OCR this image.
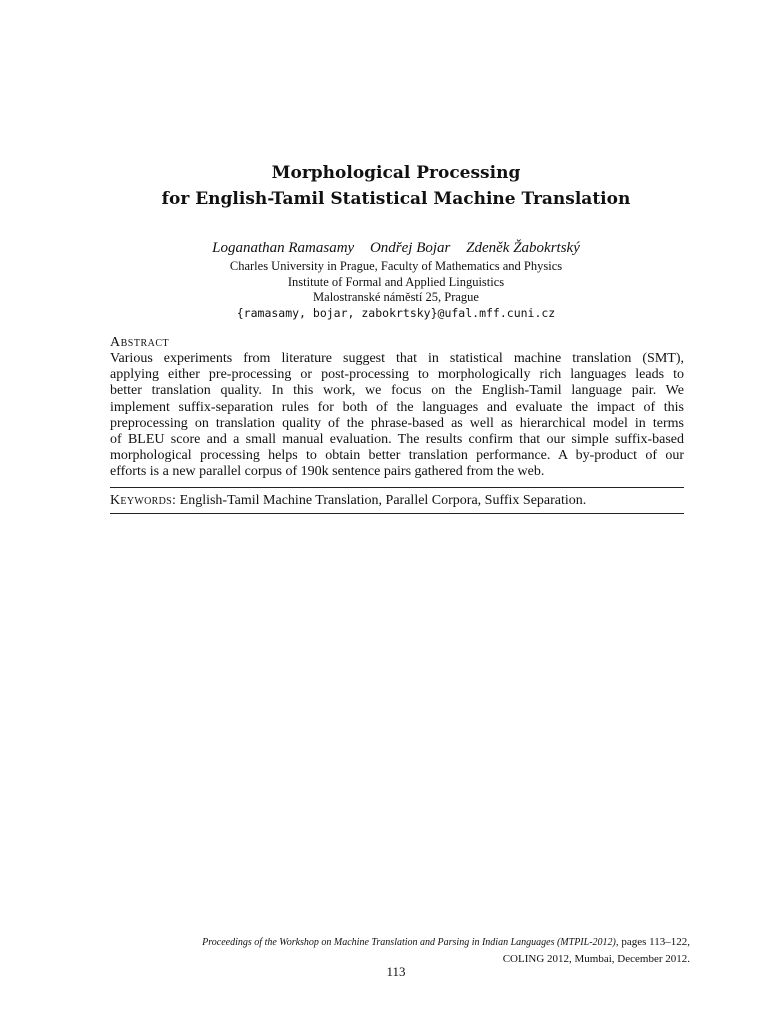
Morphological Processing
for English-Tamil Statistical Machine Translation
Loganathan Ramasamy Ondřej Bojar Zdeněk Žabokrtský
Charles University in Prague, Faculty of Mathematics and Physics
Institute of Formal and Applied Linguistics
Malostranské náměstí 25, Prague
{ramasamy, bojar, zabokrtsky}@ufal.mff.cuni.cz
Abstract

Various experiments from literature suggest that in statistical machine translation (SMT),

applying either pre-processing or post-processing to morphologically rich languages leads to

better translation quality. In this work, we focus on the English-Tamil language pair. We

implement suffix-separation rules for both of the languages and evaluate the impact of this

preprocessing on translation quality of the phrase-based as well as hierarchical model in terms

of BLEU score and a small manual evaluation. The results confirm that our simple suffix-based

morphological processing helps to obtain better translation performance. A by-product of our

efforts is a new parallel corpus of 190k sentence pairs gathered from the web.

Keywords: English-Tamil Machine Translation, Parallel Corpora, Suffix Separation.
Proceedings of the Workshop on Machine Translation and Parsing in Indian Languages (MTPIL-2012), pages 113–122,
COLING 2012, Mumbai, December 2012.
113
